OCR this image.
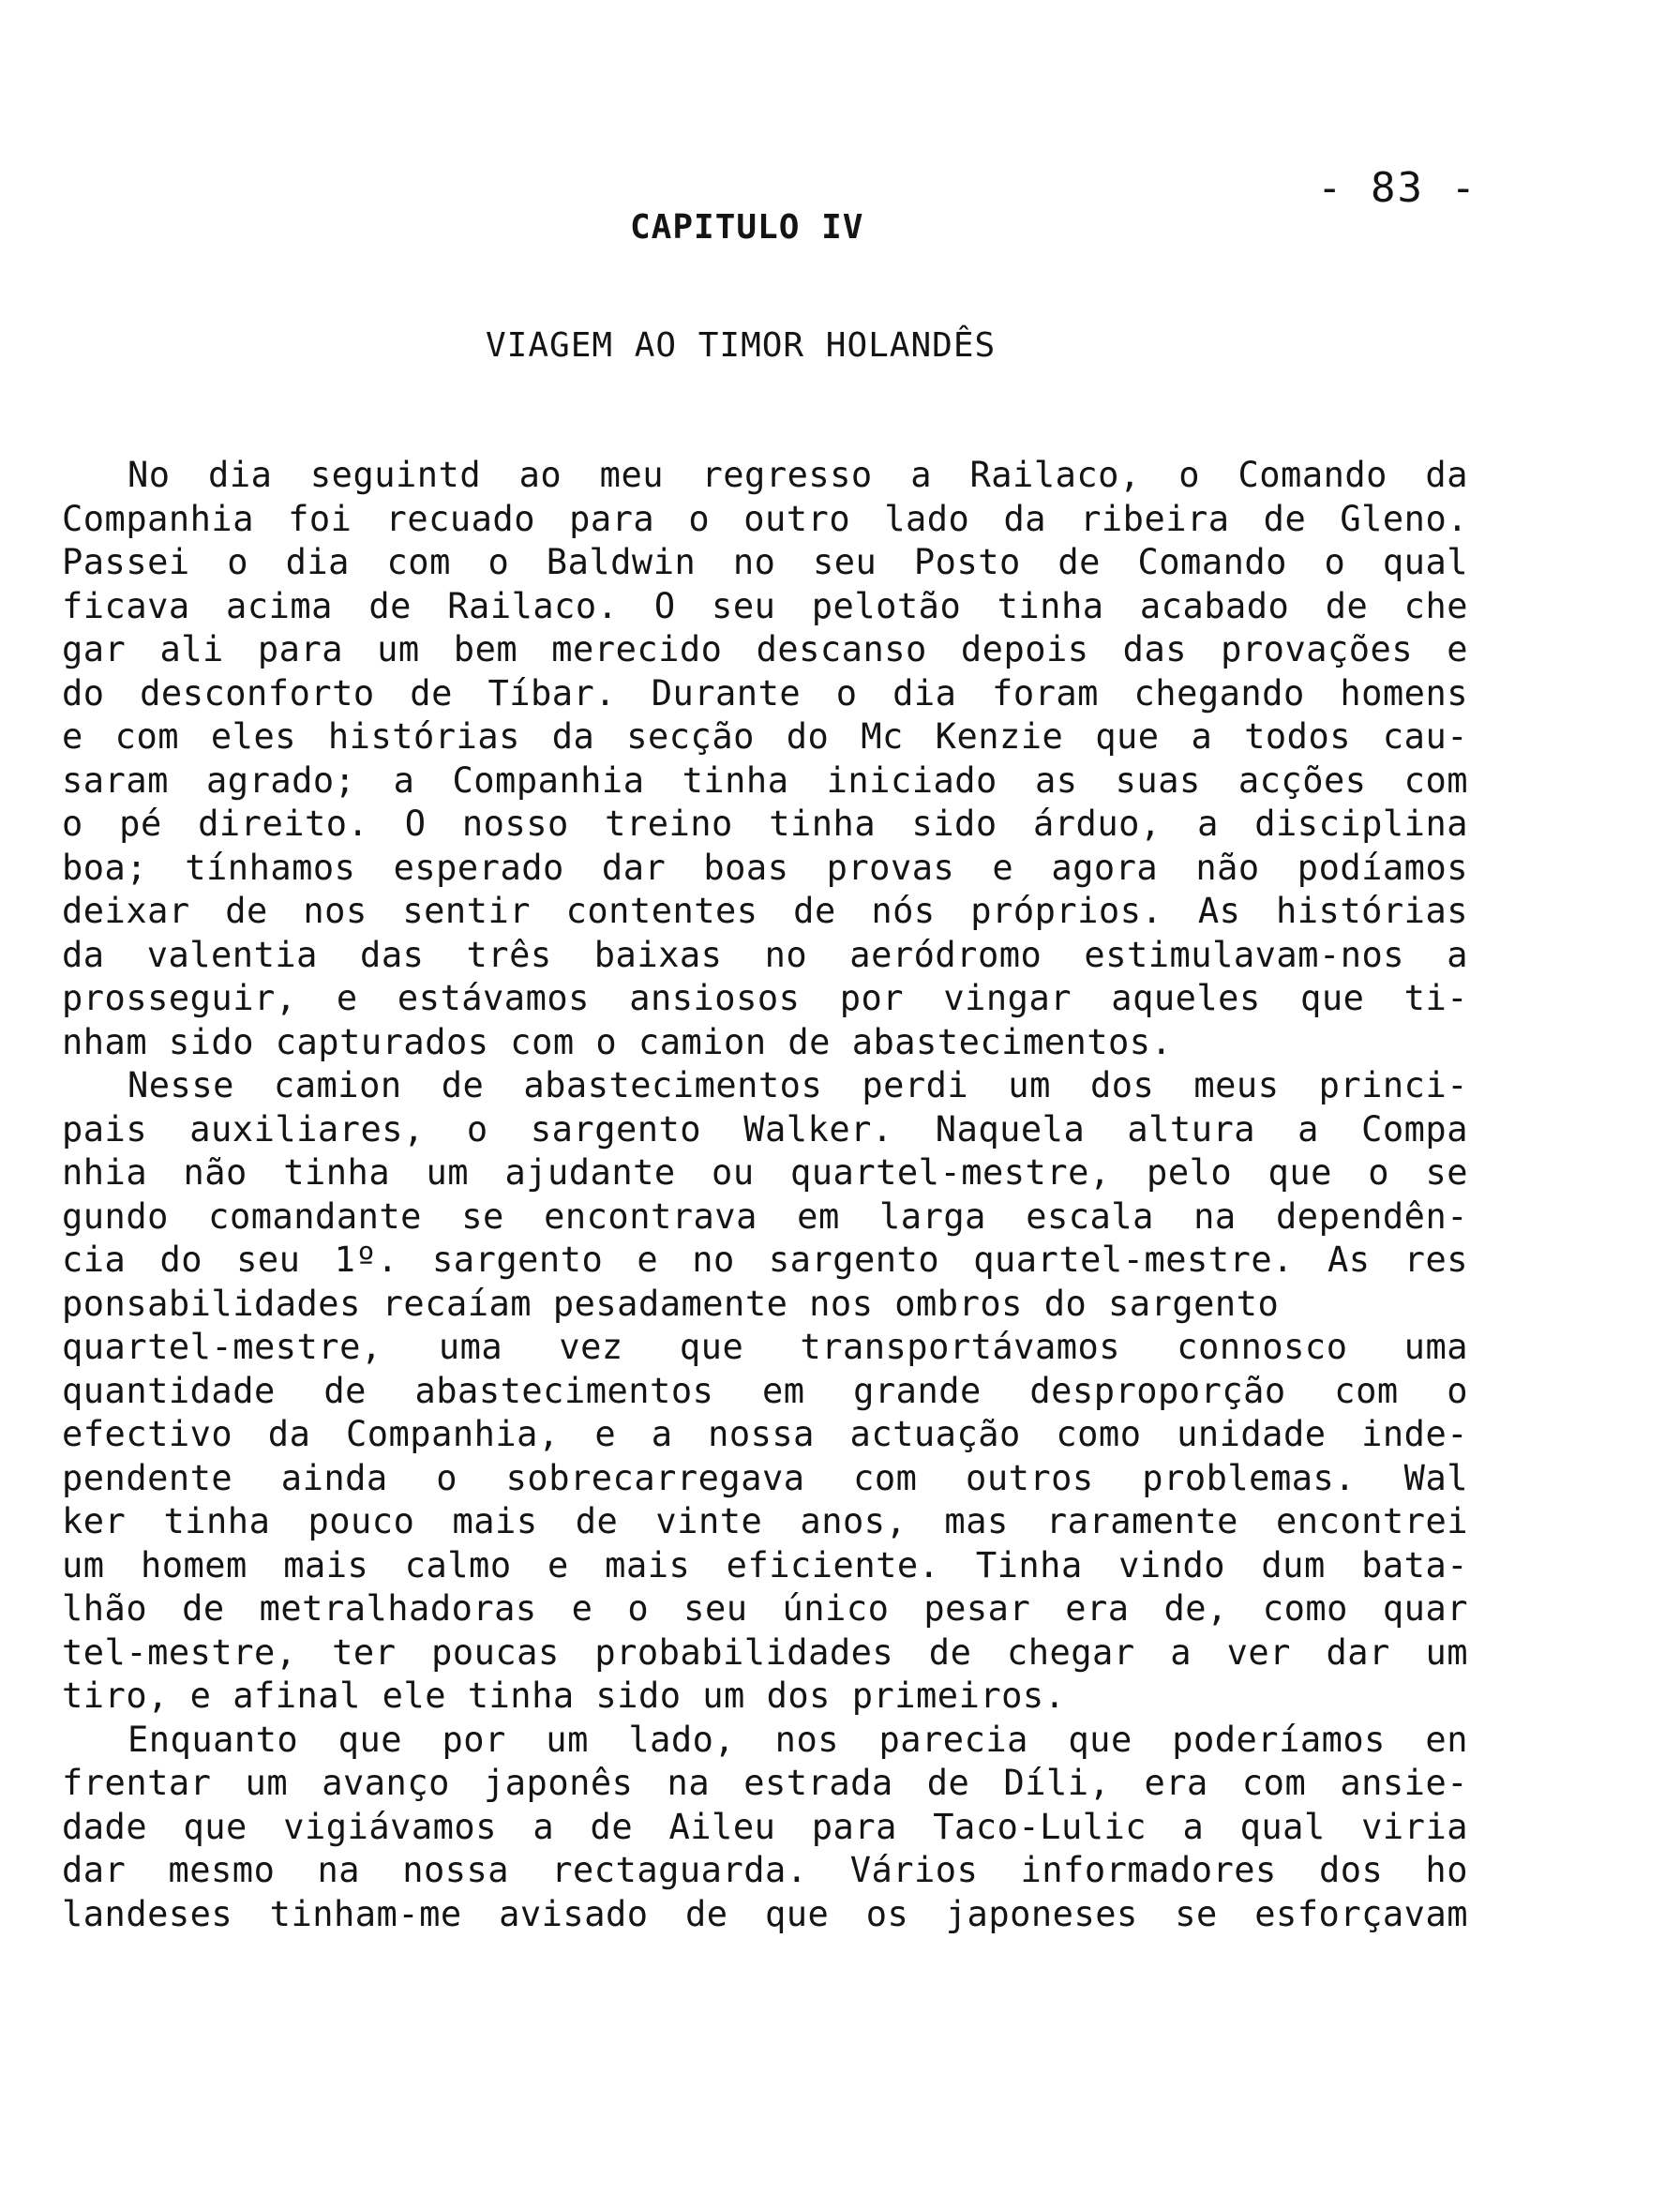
- 83 -
CAPITULO IV
VIAGEM AO TIMOR HOLANDÊS
No dia seguintd ao meu regresso a Railaco, o Comando da
Companhia foi recuado para o outro lado da ribeira de Gleno.
Passei o dia com o Baldwin no seu Posto de Comando o qual
ficava acima de Railaco. O seu pelotão tinha acabado de che
gar ali para um bem merecido descanso depois das provações e
do desconforto de Tíbar. Durante o dia foram chegando homens
e com eles histórias da secção do Mc Kenzie que a todos cau-
saram agrado; a Companhia tinha iniciado as suas acções com
o pé direito. O nosso treino tinha sido árduo, a disciplina
boa; tínhamos esperado dar boas provas e agora não podíamos
deixar de nos sentir contentes de nós próprios. As histórias
da valentia das três baixas no aeródromo estimulavam-nos a
prosseguir, e estávamos ansiosos por vingar aqueles que ti-
nham sido capturados com o camion de abastecimentos.
Nesse camion de abastecimentos perdi um dos meus princi-
pais auxiliares, o sargento Walker. Naquela altura a Compa
nhia não tinha um ajudante ou quartel-mestre, pelo que o se
gundo comandante se encontrava em larga escala na dependên-
cia do seu 1º. sargento e no sargento quartel-mestre. As res
ponsabilidades recaíam pesadamente nos ombros do sargento
quartel-mestre, uma vez que transportávamos connosco uma
quantidade de abastecimentos em grande desproporção com o
efectivo da Companhia, e a nossa actuação como unidade inde-
pendente ainda o sobrecarregava com outros problemas. Wal
ker tinha pouco mais de vinte anos, mas raramente encontrei
um homem mais calmo e mais eficiente. Tinha vindo dum bata-
lhão de metralhadoras e o seu único pesar era de, como quar
tel-mestre, ter poucas probabilidades de chegar a ver dar um
tiro, e afinal ele tinha sido um dos primeiros.
Enquanto que por um lado, nos parecia que poderíamos en
frentar um avanço japonês na estrada de Díli, era com ansie-
dade que vigiávamos a de Aileu para Taco-Lulic a qual viria
dar mesmo na nossa rectaguarda. Vários informadores dos ho
landeses tinham-me avisado de que os japoneses se esforçavam
